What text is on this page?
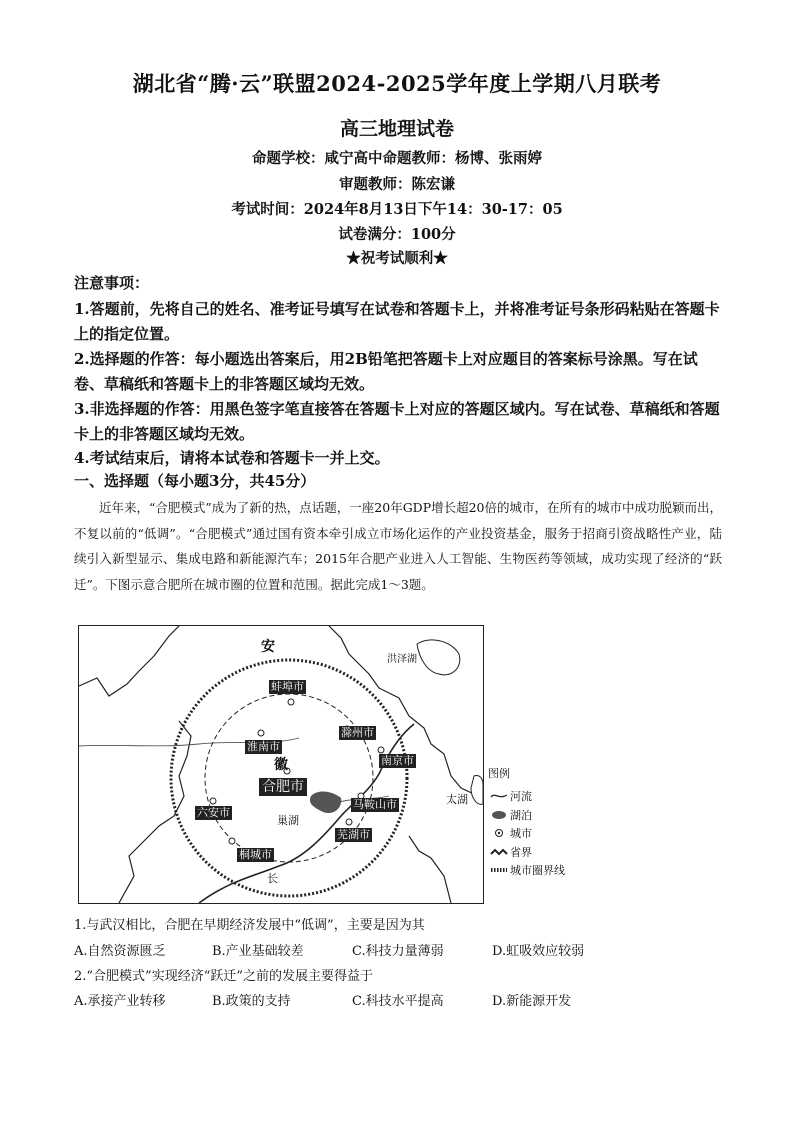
湖北省“腾·云”联盟2024-2025学年度上学期八月联考
高三地理试卷
命题学校：咸宁高中命题教师：杨博、张雨婷
审题教师：陈宏谦
考试时间：2024年8月13日下午14：30-17：05
试卷满分：100分
★祝考试顺利★
注意事项：
1.答题前，先将自己的姓名、准考证号填写在试卷和答题卡上，并将准考证号条形码粘贴在答题卡上的指定位置。
2.选择题的作答：每小题选出答案后，用2B铅笔把答题卡上对应题目的答案标号涂黑。写在试卷、草稿纸和答题卡上的非答题区域均无效。
3.非选择题的作答：用黑色签字笔直接答在答题卡上对应的答题区域内。写在试卷、草稿纸和答题卡上的非答题区域均无效。
4.考试结束后，请将本试卷和答题卡一并上交。
一、选择题（每小题3分，共45分）
近年来，“合肥模式”成为了新的热，点话题，一座20年GDP增长超20倍的城市，在所有的城市中成功脱颖而出，不复以前的“低调”。“合肥模式”通过国有资本牵引成立市场化运作的产业投资基金，服务于招商引资战略性产业，陆续引入新型显示、集成电路和新能源汽车；2015年合肥产业进入人工智能、生物医药等领域，成功实现了经济的“跃迁”。下图示意合肥所在城市圈的位置和范围。据此完成1～3题。
安
徽
洪泽湖
巢湖
太湖
长
蚌埠市
淮南市
滁州市
南京市
合肥市
马鞍山市
六安市
芜湖市
桐城市
图例
河流
湖泊
城市
省界
城市圈界线
1.与武汉相比，合肥在早期经济发展中“低调”，主要是因为其
A.自然资源匮乏	B.产业基础较差	C.科技力量薄弱	D.虹吸效应较弱
2.“合肥模式”实现经济“跃迁”之前的发展主要得益于
A.承接产业转移	B.政策的支持	C.科技水平提高	D.新能源开发
